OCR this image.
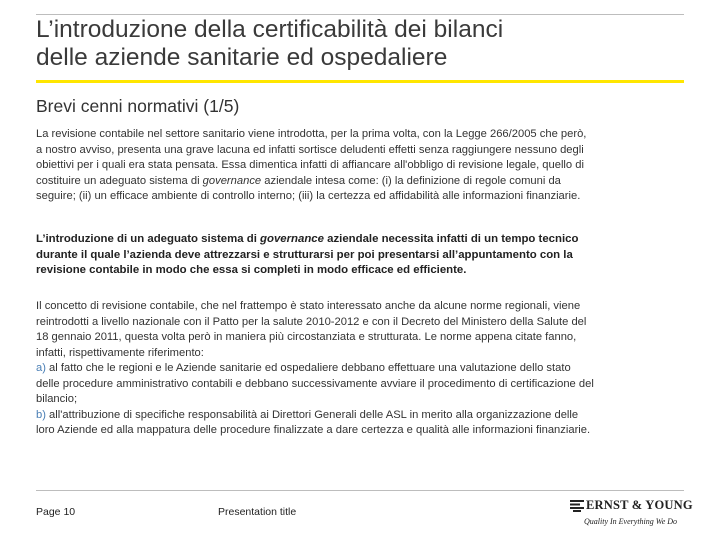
L’introduzione della certificabilità dei bilanci
delle aziende sanitarie ed ospedaliere
Brevi cenni normativi (1/5)
La revisione contabile nel settore sanitario viene introdotta, per la prima volta, con la Legge 266/2005 che però,
a nostro avviso, presenta una grave lacuna ed infatti sortisce deludenti effetti senza raggiungere nessuno degli
obiettivi per i quali era stata pensata. Essa dimentica infatti di affiancare all'obbligo di revisione legale, quello di
costituire un adeguato sistema di governance aziendale intesa come: (i) la definizione di regole comuni da
seguire; (ii) un efficace ambiente di controllo interno; (iii) la certezza ed affidabilità alle informazioni finanziarie.
L’introduzione di un adeguato sistema di governance aziendale necessita infatti di un tempo tecnico
durante il quale l’azienda deve attrezzarsi e strutturarsi per poi presentarsi all’appuntamento con la
revisione contabile in modo che essa si completi in modo efficace ed efficiente.
Il concetto di revisione contabile, che nel frattempo è stato interessato anche da alcune norme regionali, viene
reintrodotti a livello nazionale con il Patto per la salute 2010-2012 e con il Decreto del Ministero della Salute del
18 gennaio 2011, questa volta però in maniera più circostanziata e strutturata. Le norme appena citate fanno,
infatti, rispettivamente riferimento:
a) al fatto che le regioni e le Aziende sanitarie ed ospedaliere debbano effettuare una valutazione dello stato
delle procedure amministrativo contabili e debbano successivamente avviare il procedimento di certificazione del
bilancio;
b) all'attribuzione di specifiche responsabilità ai Direttori Generali delle ASL in merito alla organizzazione delle
loro Aziende ed alla mappatura delle procedure finalizzate a dare certezza e qualità alle informazioni finanziarie.
Page 10	Presentation title	ERNST & YOUNG
Quality In Everything We Do
